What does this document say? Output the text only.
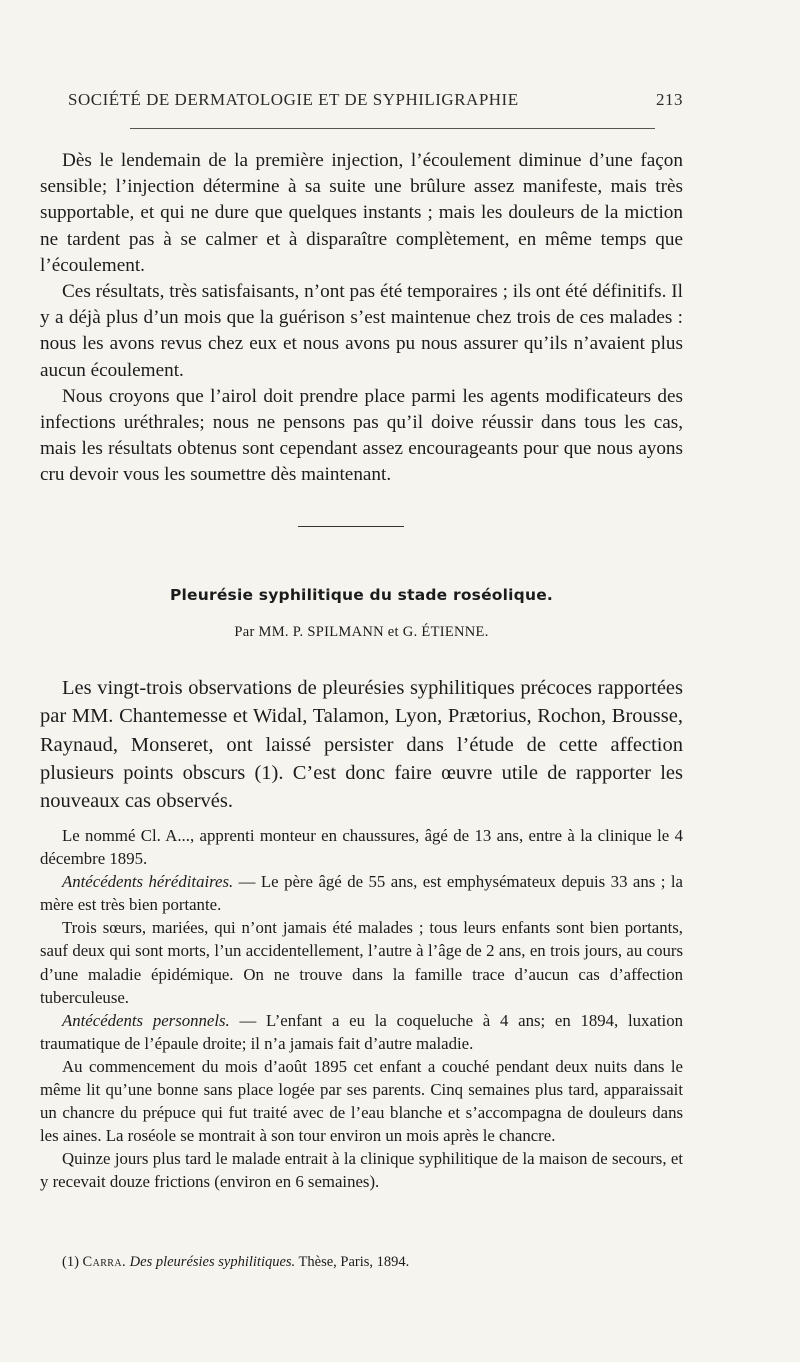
SOCIÉTÉ DE DERMATOLOGIE ET DE SYPHILIGRAPHIE	213

Dès le lendemain de la première injection, l’écoulement diminue d’une façon sensible; l’injection détermine à sa suite une brûlure assez manifeste, mais très supportable, et qui ne dure que quelques instants ; mais les douleurs de la miction ne tardent pas à se calmer et à disparaître complètement, en même temps que l’écoulement.

Ces résultats, très satisfaisants, n’ont pas été temporaires ; ils ont été définitifs. Il y a déjà plus d’un mois que la guérison s’est maintenue chez trois de ces malades : nous les avons revus chez eux et nous avons pu nous assurer qu’ils n’avaient plus aucun écoulement.

Nous croyons que l’airol doit prendre place parmi les agents modificateurs des infections uréthrales; nous ne pensons pas qu’il doive réussir dans tous les cas, mais les résultats obtenus sont cependant assez encourageants pour que nous ayons cru devoir vous les soumettre dès maintenant.

Pleurésie syphilitique du stade roséolique.
Par MM. P. SPILMANN et G. ÉTIENNE.

Les vingt-trois observations de pleurésies syphilitiques précoces rapportées par MM. Chantemesse et Widal, Talamon, Lyon, Prætorius, Rochon, Brousse, Raynaud, Monseret, ont laissé persister dans l’étude de cette affection plusieurs points obscurs (1). C’est donc faire œuvre utile de rapporter les nouveaux cas observés.

Le nommé Cl. A..., apprenti monteur en chaussures, âgé de 13 ans, entre à la clinique le 4 décembre 1895.

Antécédents héréditaires. — Le père âgé de 55 ans, est emphysémateux depuis 33 ans ; la mère est très bien portante.

Trois sœurs, mariées, qui n’ont jamais été malades ; tous leurs enfants sont bien portants, sauf deux qui sont morts, l’un accidentellement, l’autre à l’âge de 2 ans, en trois jours, au cours d’une maladie épidémique. On ne trouve dans la famille trace d’aucun cas d’affection tuberculeuse.

Antécédents personnels. — L’enfant a eu la coqueluche à 4 ans; en 1894, luxation traumatique de l’épaule droite; il n’a jamais fait d’autre maladie.

Au commencement du mois d’août 1895 cet enfant a couché pendant deux nuits dans le même lit qu’une bonne sans place logée par ses parents. Cinq semaines plus tard, apparaissait un chancre du prépuce qui fut traité avec de l’eau blanche et s’accompagna de douleurs dans les aines. La roséole se montrait à son tour environ un mois après le chancre.

Quinze jours plus tard le malade entrait à la clinique syphilitique de la maison de secours, et y recevait douze frictions (environ en 6 semaines).

(1) Carra. Des pleurésies syphilitiques. Thèse, Paris, 1894.
